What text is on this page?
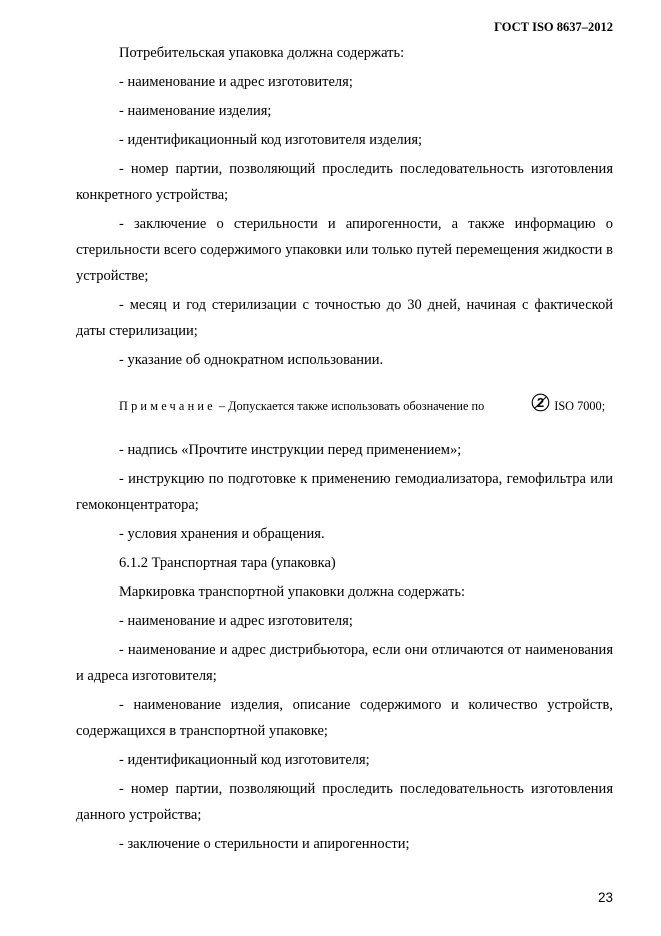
ГОСТ ISO 8637–2012

Потребительская упаковка должна содержать:

- наименование и адрес изготовителя;

- наименование изделия;

- идентификационный код изготовителя изделия;

- номер партии, позволяющий проследить последовательность изготовления конкретного устройства;

- заключение о стерильности и апирогенности, а также информацию о стерильности всего содержимого упаковки или только путей перемещения жидкости в устройстве;

- месяц и год стерилизации с точностью до 30 дней, начиная с фактической даты стерилизации;

- указание об однократном использовании.

Примечание – Допускается также использовать обозначение по	2 ISO 7000;

- надпись «Прочтите инструкции перед применением»;

- инструкцию по подготовке к применению гемодиализатора, гемофильтра или гемоконцентратора;

- условия хранения и обращения.

6.1.2 Транспортная тара (упаковка)

Маркировка транспортной упаковки должна содержать:

- наименование и адрес изготовителя;

- наименование и адрес дистрибьютора, если они отличаются от наименования и адреса изготовителя;

- наименование изделия, описание содержимого и количество устройств, содержащихся в транспортной упаковке;

- идентификационный код изготовителя;

- номер партии, позволяющий проследить последовательность изготовления данного устройства;

- заключение о стерильности и апирогенности;

23
